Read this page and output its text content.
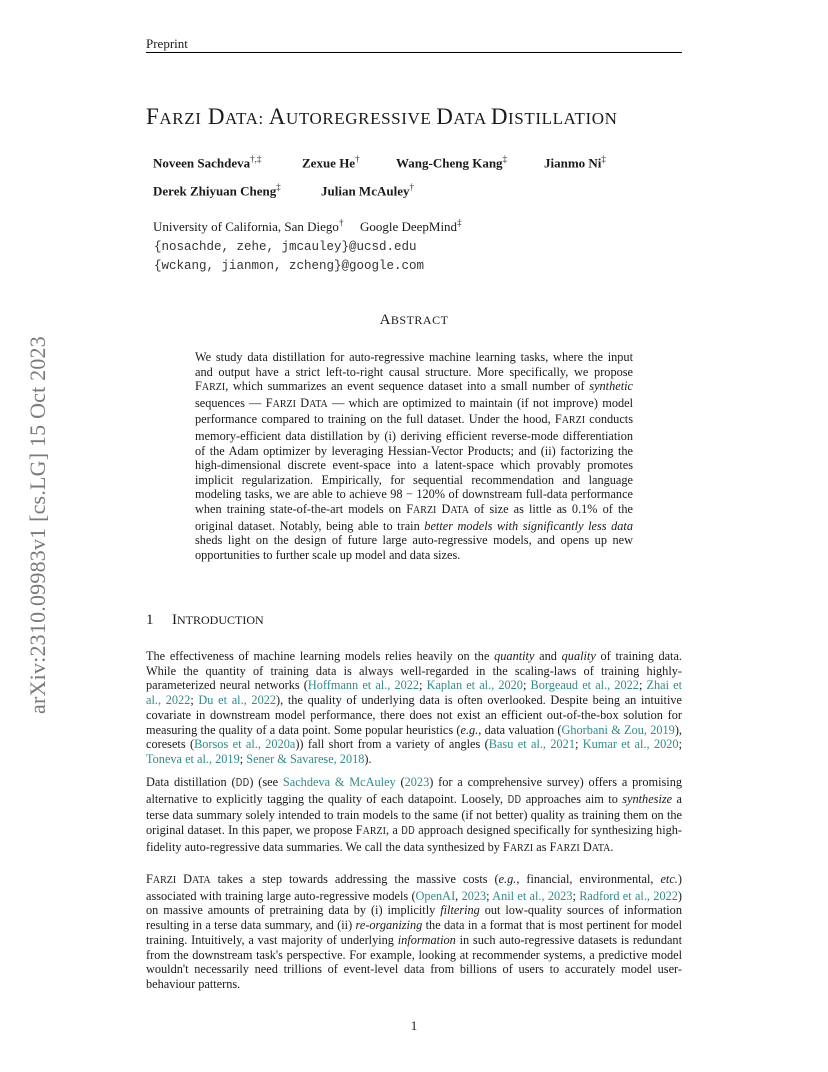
Preprint
arXiv:2310.09983v1 [cs.LG] 15 Oct 2023
FARZI DATA: AUTOREGRESSIVE DATA DISTILLATION
Noveen Sachdeva†,‡	Zexue He†	Wang-Cheng Kang‡	Jianmo Ni‡
Derek Zhiyuan Cheng‡	Julian McAuley†
University of California, San Diego† Google DeepMind‡
{nosachde, zehe, jmcauley}@ucsd.edu
{wckang, jianmon, zcheng}@google.com
ABSTRACT
We study data distillation for auto-regressive machine learning tasks, where the input and output have a strict left-to-right causal structure. More specifically, we propose FARZI, which summarizes an event sequence dataset into a small number of synthetic sequences — FARZI DATA — which are optimized to maintain (if not improve) model performance compared to training on the full dataset. Under the hood, FARZI conducts memory-efficient data distillation by (i) deriving efficient reverse-mode differentiation of the Adam optimizer by leveraging Hessian-Vector Products; and (ii) factorizing the high-dimensional discrete event-space into a latent-space which provably promotes implicit regularization. Empirically, for sequential recommendation and language modeling tasks, we are able to achieve 98 − 120% of downstream full-data performance when training state-of-the-art models on FARZI DATA of size as little as 0.1% of the original dataset. Notably, being able to train better models with significantly less data sheds light on the design of future large auto-regressive models, and opens up new opportunities to further scale up model and data sizes.
1 INTRODUCTION
The effectiveness of machine learning models relies heavily on the quantity and quality of training data. While the quantity of training data is always well-regarded in the scaling-laws of training highly-parameterized neural networks (Hoffmann et al., 2022; Kaplan et al., 2020; Borgeaud et al., 2022; Zhai et al., 2022; Du et al., 2022), the quality of underlying data is often overlooked. Despite being an intuitive covariate in downstream model performance, there does not exist an efficient out-of-the-box solution for measuring the quality of a data point. Some popular heuristics (e.g., data valuation (Ghorbani & Zou, 2019), coresets (Borsos et al., 2020a)) fall short from a variety of angles (Basu et al., 2021; Kumar et al., 2020; Toneva et al., 2019; Sener & Savarese, 2018).
Data distillation (DD) (see Sachdeva & McAuley (2023) for a comprehensive survey) offers a promising alternative to explicitly tagging the quality of each datapoint. Loosely, DD approaches aim to synthesize a terse data summary solely intended to train models to the same (if not better) quality as training them on the original dataset. In this paper, we propose FARZI, a DD approach designed specifically for synthesizing high-fidelity auto-regressive data summaries. We call the data synthesized by FARZI as FARZI DATA.
FARZI DATA takes a step towards addressing the massive costs (e.g., financial, environmental, etc.) associated with training large auto-regressive models (OpenAI, 2023; Anil et al., 2023; Radford et al., 2022) on massive amounts of pretraining data by (i) implicitly filtering out low-quality sources of information resulting in a terse data summary, and (ii) re-organizing the data in a format that is most pertinent for model training. Intuitively, a vast majority of underlying information in such auto-regressive datasets is redundant from the downstream task's perspective. For example, looking at recommender systems, a predictive model wouldn't necessarily need trillions of event-level data from billions of users to accurately model user-behaviour patterns.
1
